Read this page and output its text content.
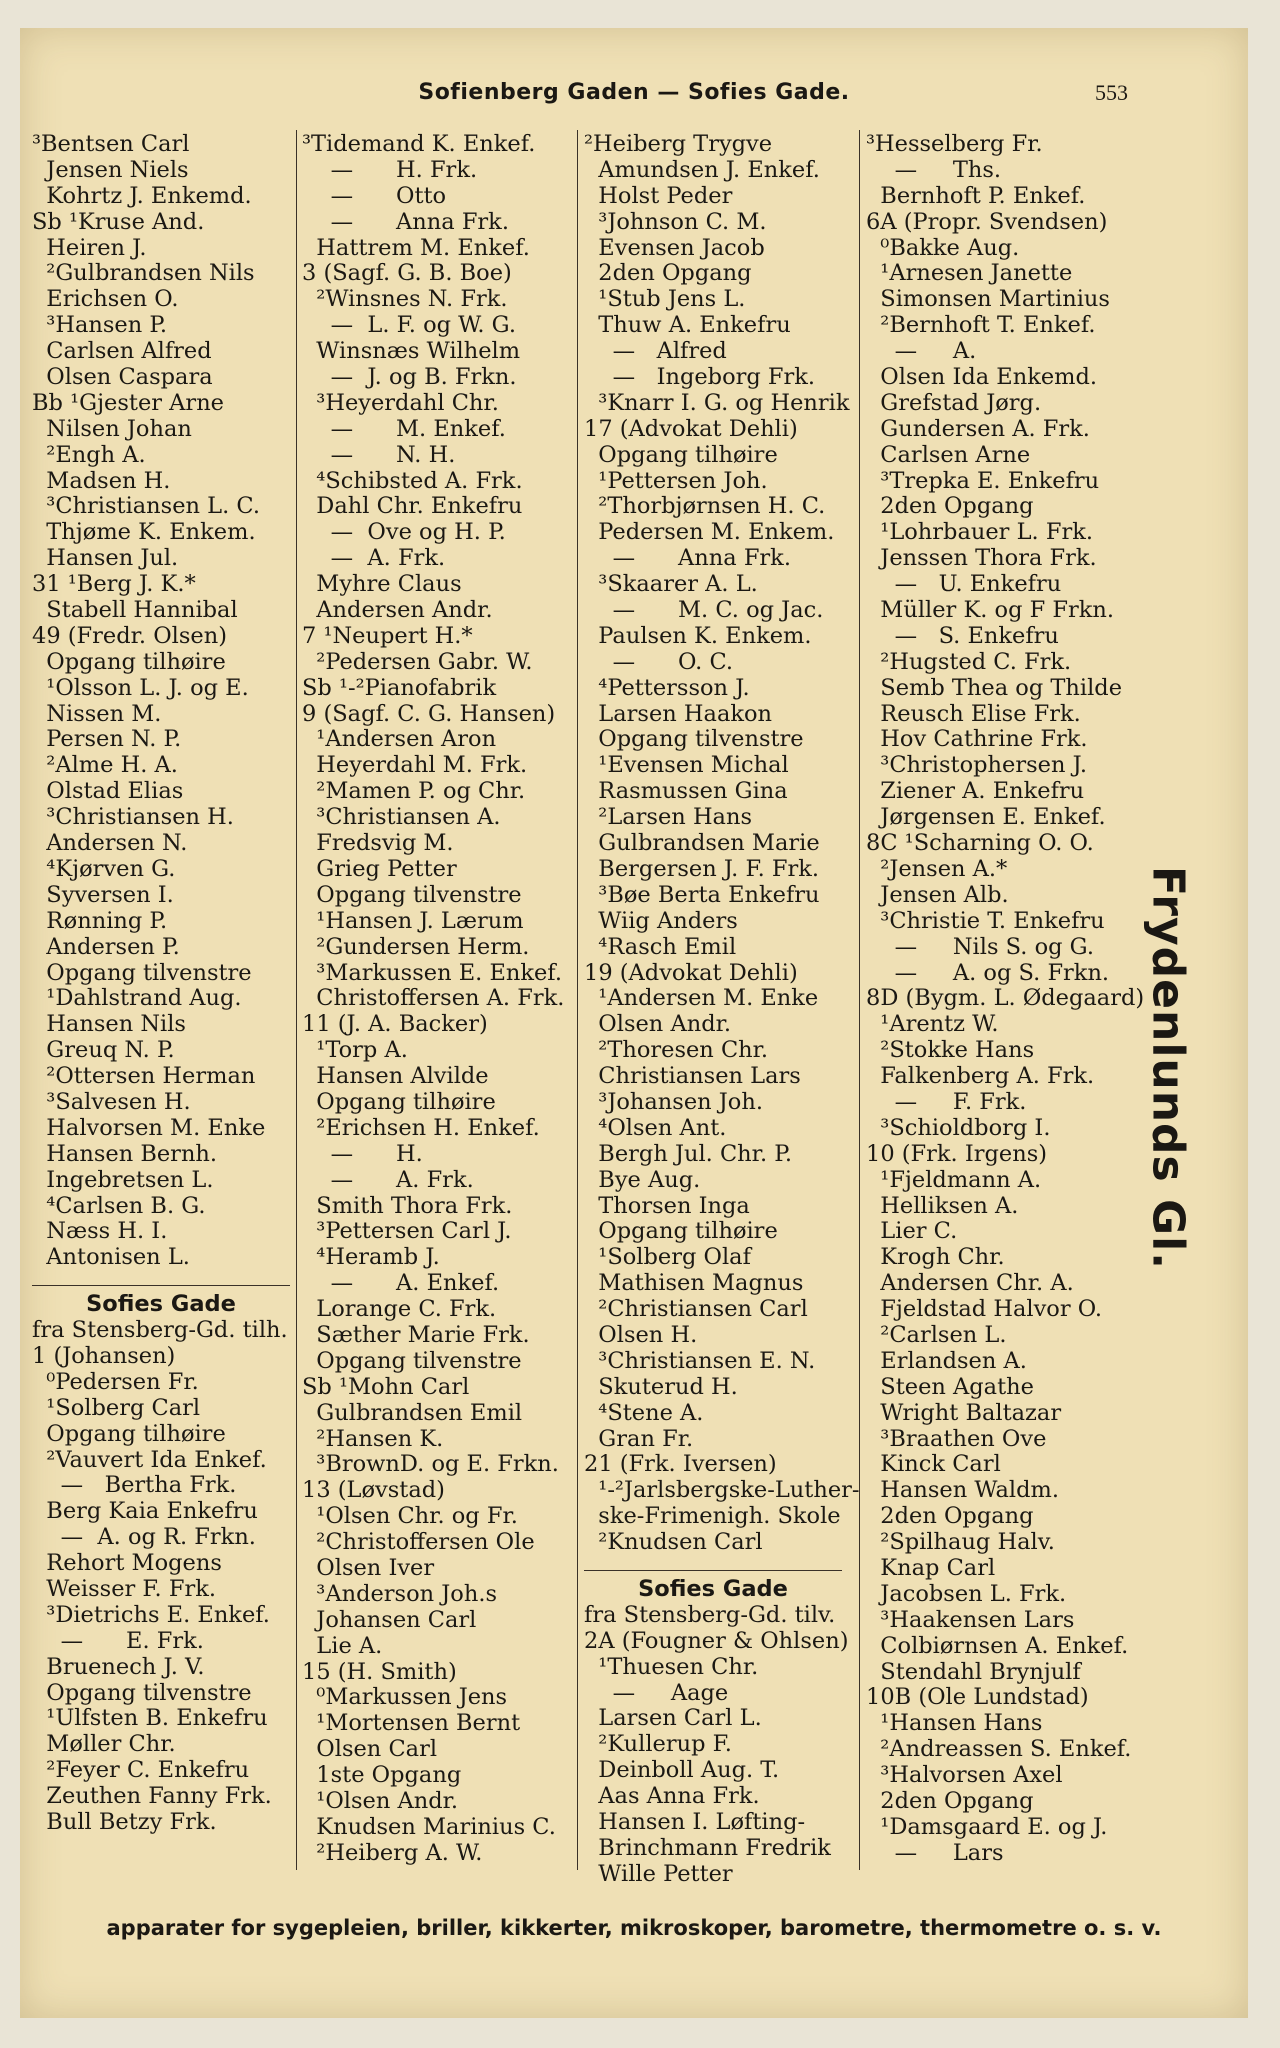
Sofienberg Gaden — Sofies Gade.	553
³Bentsen Carl
Jensen Niels
Kohrtz J. Enkemd.
Sb ¹Kruse And.
Heiren J.
²Gulbrandsen Nils
Erichsen O.
³Hansen P.
Carlsen Alfred
Olsen Caspara
Bb ¹Gjester Arne
Nilsen Johan
²Engh A.
Madsen H.
³Christiansen L. C.
Thjøme K. Enkem.
Hansen Jul.
31 ¹Berg J. K.*
Stabell Hannibal
49 (Fredr. Olsen)
Opgang tilhøire
¹Olsson L. J. og E.
Nissen M.
Persen N. P.
²Alme H. A.
Olstad Elias
³Christiansen H.
Andersen N.
⁴Kjørven G.
Syversen I.
Rønning P.
Andersen P.
Opgang tilvenstre
¹Dahlstrand Aug.
Hansen Nils
Greuq N. P.
²Ottersen Herman
³Salvesen H.
Halvorsen M. Enke
Hansen Bernh.
Ingebretsen L.
⁴Carlsen B. G.
Næss H. I.
Antonisen L.
Sofies Gade
fra Stensberg-Gd. tilh.
1 (Johansen)
⁰Pedersen Fr.
¹Solberg Carl
Opgang tilhøire
²Vauvert Ida Enkef.
—   Bertha Frk.
Berg Kaia Enkefru
—  A. og R. Frkn.
Rehort Mogens
Weisser F. Frk.
³Dietrichs E. Enkef.
—      E. Frk.
Bruenech J. V.
Opgang tilvenstre
¹Ulfsten B. Enkefru
Møller Chr.
²Feyer C. Enkefru
Zeuthen Fanny Frk.
Bull Betzy Frk.
³Tidemand K. Enkef.
—      H. Frk.
—      Otto
—      Anna Frk.
Hattrem M. Enkef.
3 (Sagf. G. B. Boe)
²Winsnes N. Frk.
—  L. F. og W. G.
Winsnæs Wilhelm
—  J. og B. Frkn.
³Heyerdahl Chr.
—      M. Enkef.
—      N. H.
⁴Schibsted A. Frk.
Dahl Chr. Enkefru
—  Ove og H. P.
—  A. Frk.
Myhre Claus
Andersen Andr.
7 ¹Neupert H.*
²Pedersen Gabr. W.
Sb ¹-²Pianofabrik
9 (Sagf. C. G. Hansen)
¹Andersen Aron
Heyerdahl M. Frk.
²Mamen P. og Chr.
³Christiansen A.
Fredsvig M.
Grieg Petter
Opgang tilvenstre
¹Hansen J. Lærum
²Gundersen Herm.
³Markussen E. Enkef.
Christoffersen A. Frk.
11 (J. A. Backer)
¹Torp A.
Hansen Alvilde
Opgang tilhøire
²Erichsen H. Enkef.
—      H.
—      A. Frk.
Smith Thora Frk.
³Pettersen Carl J.
⁴Heramb J.
—      A. Enkef.
Lorange C. Frk.
Sæther Marie Frk.
Opgang tilvenstre
Sb ¹Mohn Carl
Gulbrandsen Emil
²Hansen K.
³BrownD. og E. Frkn.
13 (Løvstad)
¹Olsen Chr. og Fr.
²Christoffersen Ole
Olsen Iver
³Anderson Joh.s
Johansen Carl
Lie A.
15 (H. Smith)
⁰Markussen Jens
¹Mortensen Bernt
Olsen Carl
1ste Opgang
¹Olsen Andr.
Knudsen Marinius C.
²Heiberg A. W.
²Heiberg Trygve
Amundsen J. Enkef.
Holst Peder
³Johnson C. M.
Evensen Jacob
2den Opgang
¹Stub Jens L.
Thuw A. Enkefru
—   Alfred
—   Ingeborg Frk.
³Knarr I. G. og Henrik
17 (Advokat Dehli)
Opgang tilhøire
¹Pettersen Joh.
²Thorbjørnsen H. C.
Pedersen M. Enkem.
—      Anna Frk.
³Skaarer A. L.
—      M. C. og Jac.
Paulsen K. Enkem.
—      O. C.
⁴Pettersson J.
Larsen Haakon
Opgang tilvenstre
¹Evensen Michal
Rasmussen Gina
²Larsen Hans
Gulbrandsen Marie
Bergersen J. F. Frk.
³Bøe Berta Enkefru
Wiig Anders
⁴Rasch Emil
19 (Advokat Dehli)
¹Andersen M. Enke
Olsen Andr.
²Thoresen Chr.
Christiansen Lars
³Johansen Joh.
⁴Olsen Ant.
Bergh Jul. Chr. P.
Bye Aug.
Thorsen Inga
Opgang tilhøire
¹Solberg Olaf
Mathisen Magnus
²Christiansen Carl
Olsen H.
³Christiansen E. N.
Skuterud H.
⁴Stene A.
Gran Fr.
21 (Frk. Iversen)
¹-²Jarlsbergske-Luther-
ske-Frimenigh. Skole
²Knudsen Carl
Sofies Gade
fra Stensberg-Gd. tilv.
2A (Fougner & Ohlsen)
¹Thuesen Chr.
—     Aage
Larsen Carl L.
²Kullerup F.
Deinboll Aug. T.
Aas Anna Frk.
Hansen I. Løfting-
Brinchmann Fredrik
Wille Petter
³Hesselberg Fr.
—     Ths.
Bernhoft P. Enkef.
6A (Propr. Svendsen)
⁰Bakke Aug.
¹Arnesen Janette
Simonsen Martinius
²Bernhoft T. Enkef.
—     A.
Olsen Ida Enkemd.
Grefstad Jørg.
Gundersen A. Frk.
Carlsen Arne
³Trepka E. Enkefru
2den Opgang
¹Lohrbauer L. Frk.
Jenssen Thora Frk.
—   U. Enkefru
Müller K. og F Frkn.
—   S. Enkefru
²Hugsted C. Frk.
Semb Thea og Thilde
Reusch Elise Frk.
Hov Cathrine Frk.
³Christophersen J.
Ziener A. Enkefru
Jørgensen E. Enkef.
8C ¹Scharning O. O.
²Jensen A.*
Jensen Alb.
³Christie T. Enkefru
—     Nils S. og G.
—     A. og S. Frkn.
8D (Bygm. L. Ødegaard)
¹Arentz W.
²Stokke Hans
Falkenberg A. Frk.
—     F. Frk.
³Schioldborg I.
10 (Frk. Irgens)
¹Fjeldmann A.
Helliksen A.
Lier C.
Krogh Chr.
Andersen Chr. A.
Fjeldstad Halvor O.
²Carlsen L.
Erlandsen A.
Steen Agathe
Wright Baltazar
³Braathen Ove
Kinck Carl
Hansen Waldm.
2den Opgang
²Spilhaug Halv.
Knap Carl
Jacobsen L. Frk.
³Haakensen Lars
Colbiørnsen A. Enkef.
Stendahl Brynjulf
10B (Ole Lundstad)
¹Hansen Hans
²Andreassen S. Enkef.
³Halvorsen Axel
2den Opgang
¹Damsgaard E. og J.
—     Lars
Frydenlunds Gl.
apparater for sygepleien, briller, kikkerter, mikroskoper, barometre, thermometre o. s. v.
